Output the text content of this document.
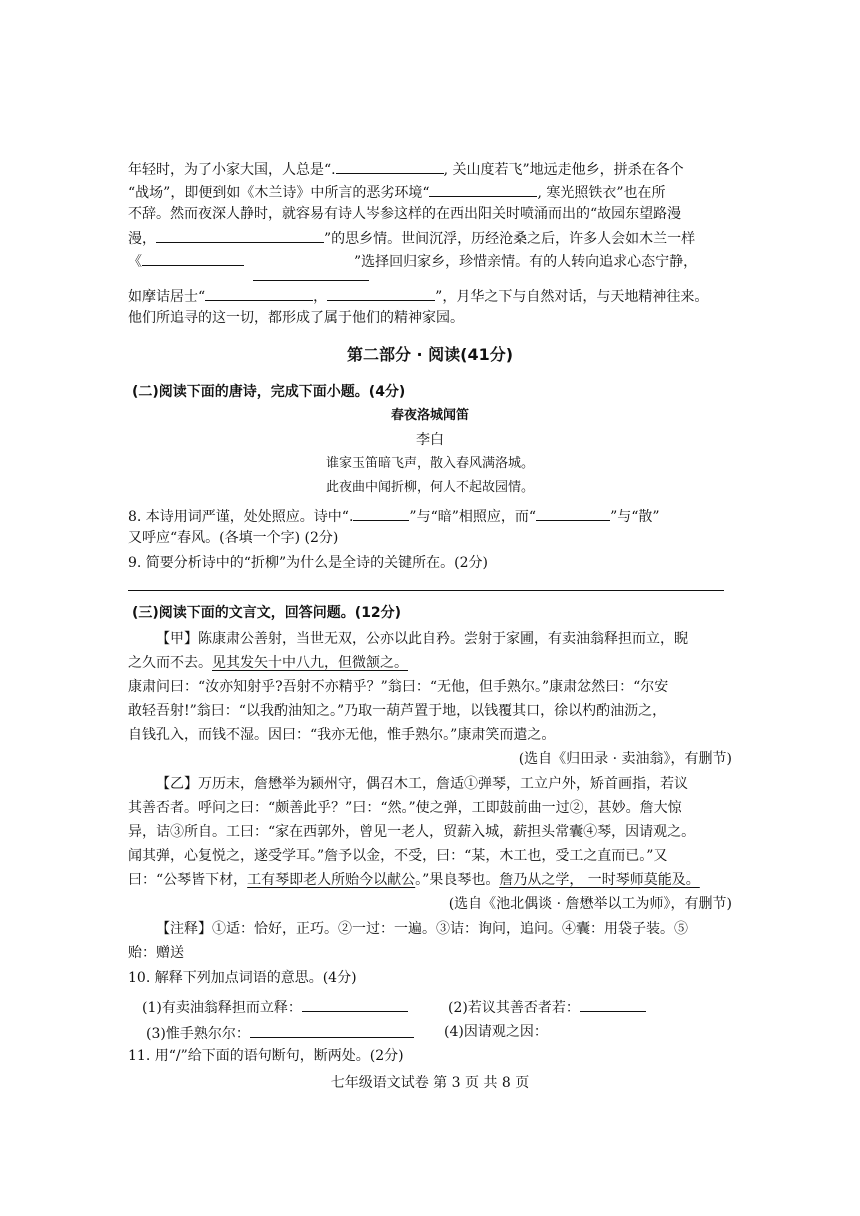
年轻时，为了小家大国，人总是“.	, 关山度若飞”地远走他乡，拼杀在各个
“战场”，即便到如《木兰诗》中所言的恶劣环境“	, 寒光照铁衣”也在所
不辞。然而夜深人静时，就容易有诗人岑参这样的在西出阳关时喷涌而出的“故园东望路漫
漫，	”的思乡情。世间沉浮，历经沧桑之后，许多人会如木兰一样
《	”选择回归家乡，珍惜亲情。有的人转向追求心态宁静，
如摩诘居士“	，	”，月华之下与自然对话，与天地精神往来。
他们所追寻的这一切，都形成了属于他们的精神家园。
第二部分 · 阅读(41分)
(二)阅读下面的唐诗，完成下面小题。(4分)
春夜洛城闻笛
李白
谁家玉笛暗飞声，散入春风满洛城。
此夜曲中闻折柳，何人不起故园情。
8. 本诗用词严谨，处处照应。诗中“.	”与“暗”相照应，而“	”与“散”
又呼应“春风。(各填一个字) (2分)
9. 简要分析诗中的“折柳”为什么是全诗的关键所在。(2分)
(三)阅读下面的文言文，回答问题。(12分)
【甲】陈康肃公善射，当世无双，公亦以此自矜。尝射于家圃，有卖油翁释担而立，睨
之久而不去。见其发矢十中八九，但微颔之。
康肃问曰：“汝亦知射乎?吾射不亦精乎？”翁曰：“无他，但手熟尔。”康肃忿然曰：“尔安
敢轻吾射!”翁曰：“以我酌油知之。”乃取一葫芦置于地，以钱覆其口，徐以杓酌油沥之，
自钱孔入，而钱不湿。因曰：“我亦无他，惟手熟尔。”康肃笑而遣之。
(选自《归田录 · 卖油翁》，有删节)
【乙】万历末，詹懋举为颍州守，偶召木工，詹适①弹琴，工立户外，矫首画指，若议
其善否者。呼问之曰：“颇善此乎？”曰：“然。”使之弹，工即鼓前曲一过②，甚妙。詹大惊
异，诘③所自。工曰：“家在西郭外，曾见一老人，贸薪入城，薪担头常囊④琴，因请观之。
闻其弹，心复悦之，遂受学耳。”詹予以金，不受，曰：“某，木工也，受工之直而已。”又
曰：“公琴皆下材，工有琴即老人所贻今以献公。”果良琴也。詹乃从之学， 一时琴师莫能及。
(选自《池北偶谈 · 詹懋举以工为师》，有删节)
【注释】①适：恰好，正巧。②一过：一遍。③诘：询问，追问。④囊：用袋子装。⑤
贻：赠送
10. 解释下列加点词语的意思。(4分)
(1)有卖油翁释担而立释：	(2)若议其善否者若：
(3)惟手熟尔尔：	(4)因请观之因：
11. 用“/”给下面的语句断句，断两处。(2分)
七年级语文试卷 第 3 页 共 8 页
